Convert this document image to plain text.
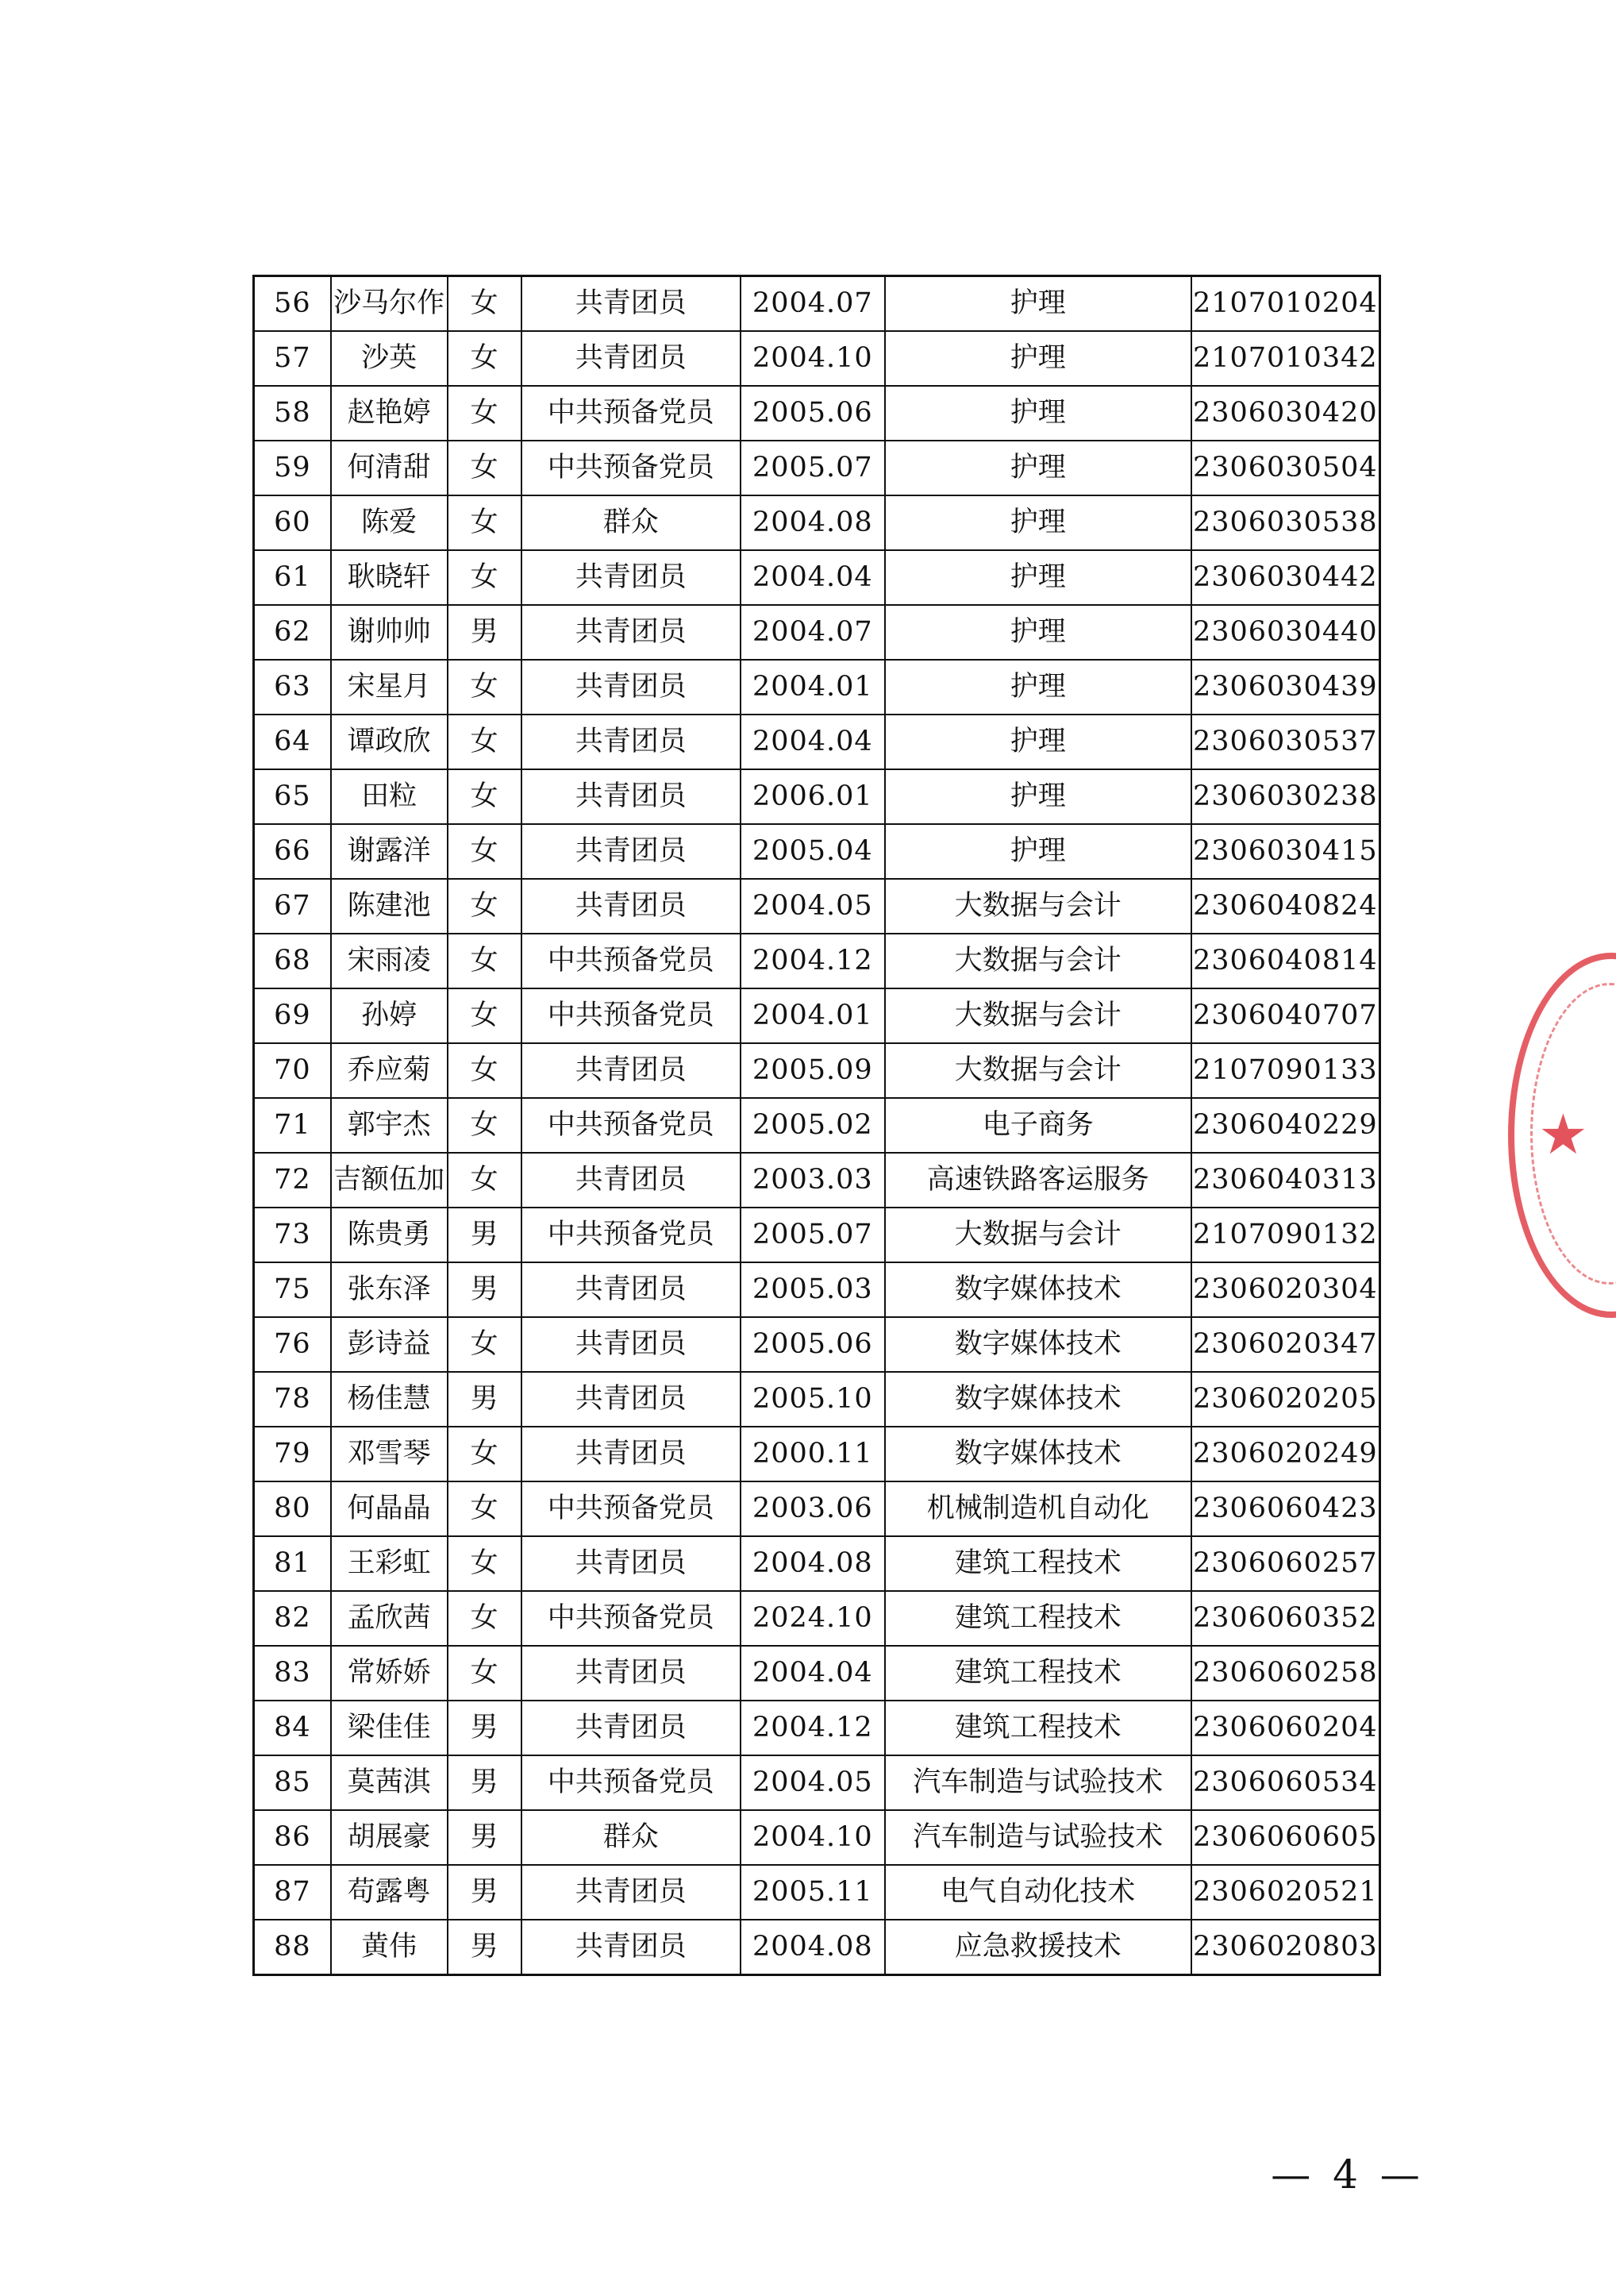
56	沙马尔作	女	共青团员	2004.07	护理	2107010204
57	沙英	女	共青团员	2004.10	护理	2107010342
58	赵艳婷	女	中共预备党员	2005.06	护理	2306030420
59	何清甜	女	中共预备党员	2005.07	护理	2306030504
60	陈爱	女	群众	2004.08	护理	2306030538
61	耿晓轩	女	共青团员	2004.04	护理	2306030442
62	谢帅帅	男	共青团员	2004.07	护理	2306030440
63	宋星月	女	共青团员	2004.01	护理	2306030439
64	谭政欣	女	共青团员	2004.04	护理	2306030537
65	田粒	女	共青团员	2006.01	护理	2306030238
66	谢露洋	女	共青团员	2005.04	护理	2306030415
67	陈建池	女	共青团员	2004.05	大数据与会计	2306040824
68	宋雨凌	女	中共预备党员	2004.12	大数据与会计	2306040814
69	孙婷	女	中共预备党员	2004.01	大数据与会计	2306040707
70	乔应菊	女	共青团员	2005.09	大数据与会计	2107090133
71	郭宇杰	女	中共预备党员	2005.02	电子商务	2306040229
72	吉额伍加	女	共青团员	2003.03	高速铁路客运服务	2306040313
73	陈贵勇	男	中共预备党员	2005.07	大数据与会计	2107090132
75	张东泽	男	共青团员	2005.03	数字媒体技术	2306020304
76	彭诗益	女	共青团员	2005.06	数字媒体技术	2306020347
78	杨佳慧	男	共青团员	2005.10	数字媒体技术	2306020205
79	邓雪琴	女	共青团员	2000.11	数字媒体技术	2306020249
80	何晶晶	女	中共预备党员	2003.06	机械制造机自动化	2306060423
81	王彩虹	女	共青团员	2004.08	建筑工程技术	2306060257
82	孟欣茜	女	中共预备党员	2024.10	建筑工程技术	2306060352
83	常娇娇	女	共青团员	2004.04	建筑工程技术	2306060258
84	梁佳佳	男	共青团员	2004.12	建筑工程技术	2306060204
85	莫茜淇	男	中共预备党员	2004.05	汽车制造与试验技术	2306060534
86	胡展豪	男	群众	2004.10	汽车制造与试验技术	2306060605
87	苟露粤	男	共青团员	2005.11	电气自动化技术	2306020521
88	黄伟	男	共青团员	2004.08	应急救援技术	2306020803
★
— 4 —
